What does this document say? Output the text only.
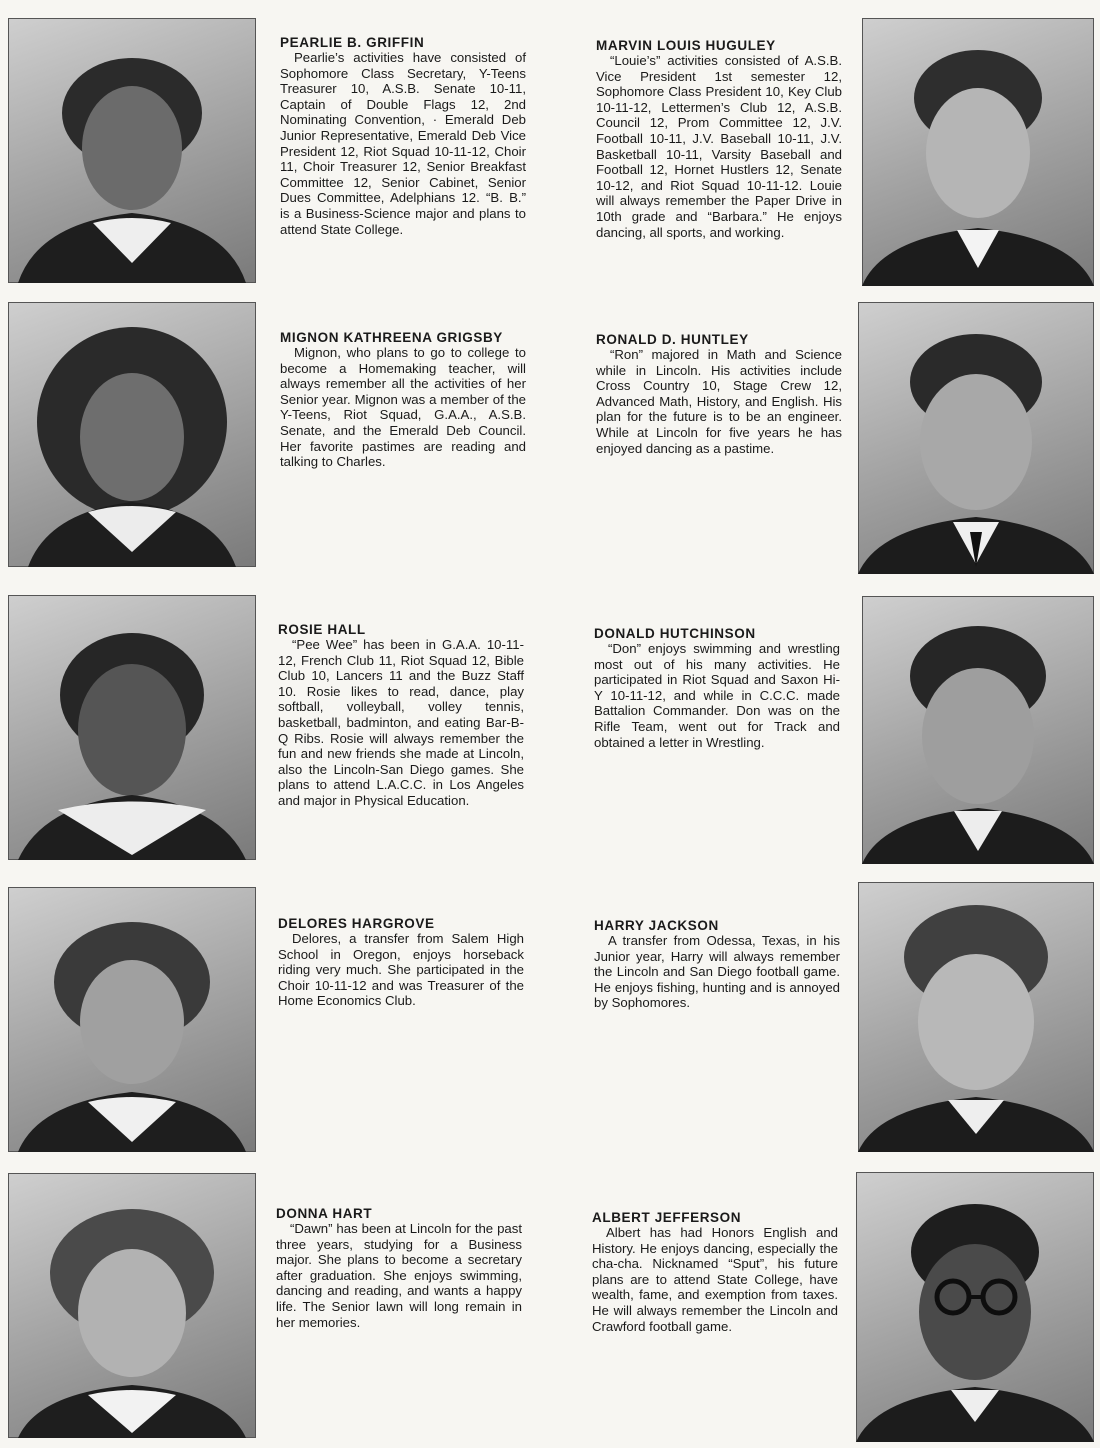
PEARLIE B. GRIFFIN

Pearlie’s activities have consisted of Sophomore Class Secretary, Y-Teens Treasurer 10, A.S.B. Senate 10-11, Captain of Double Flags 12, 2nd Nominating Convention, · Emerald Deb Junior Representative, Emerald Deb Vice President 12, Riot Squad 10-11-12, Choir 11, Choir Treasurer 12, Senior Breakfast Committee 12, Senior Cabinet, Senior Dues Committee, Adelphians 12. “B. B.” is a Business-Science major and plans to attend State College.

MIGNON KATHREENA GRIGSBY

Mignon, who plans to go to college to become a Homemaking teacher, will always remember all the activities of her Senior year. Mignon was a member of the Y-Teens, Riot Squad, G.A.A., A.S.B. Senate, and the Emerald Deb Council. Her favorite pastimes are reading and talking to Charles.

ROSIE HALL

“Pee Wee” has been in G.A.A. 10-11-12, French Club 11, Riot Squad 12, Bible Club 10, Lancers 11 and the Buzz Staff 10. Rosie likes to read, dance, play softball, volleyball, volley tennis, basketball, badminton, and eating Bar-B-Q Ribs. Rosie will always remember the fun and new friends she made at Lincoln, also the Lincoln-San Diego games. She plans to attend L.A.C.C. in Los Angeles and major in Physical Education.

DELORES HARGROVE

Delores, a transfer from Salem High School in Oregon, enjoys horseback riding very much. She participated in the Choir 10-11-12 and was Treasurer of the Home Economics Club.

DONNA HART

“Dawn” has been at Lincoln for the past three years, studying for a Business major. She plans to become a secretary after graduation. She enjoys swimming, dancing and reading, and wants a happy life. The Senior lawn will long remain in her memories.

MARVIN LOUIS HUGULEY

“Louie’s” activities consisted of A.S.B. Vice President 1st semester 12, Sophomore Class President 10, Key Club 10-11-12, Lettermen’s Club 12, A.S.B. Council 12, Prom Committee 12, J.V. Football 10-11, J.V. Baseball 10-11, J.V. Basketball 10-11, Varsity Baseball and Football 12, Hornet Hustlers 12, Senate 10-12, and Riot Squad 10-11-12. Louie will always remember the Paper Drive in 10th grade and “Barbara.” He enjoys dancing, all sports, and working.

RONALD D. HUNTLEY

“Ron” majored in Math and Science while in Lincoln. His activities include Cross Country 10, Stage Crew 12, Advanced Math, History, and English. His plan for the future is to be an engineer. While at Lincoln for five years he has enjoyed dancing as a pastime.

DONALD HUTCHINSON

“Don” enjoys swimming and wrestling most out of his many activities. He participated in Riot Squad and Saxon Hi-Y 10-11-12, and while in C.C.C. made Battalion Commander. Don was on the Rifle Team, went out for Track and obtained a letter in Wrestling.

HARRY JACKSON

A transfer from Odessa, Texas, in his Junior year, Harry will always remember the Lincoln and San Diego football game. He enjoys fishing, hunting and is annoyed by Sophomores.

ALBERT JEFFERSON

Albert has had Honors English and History. He enjoys dancing, especially the cha-cha. Nicknamed “Sput”, his future plans are to attend State College, have wealth, fame, and exemption from taxes. He will always remember the Lincoln and Crawford football game.
